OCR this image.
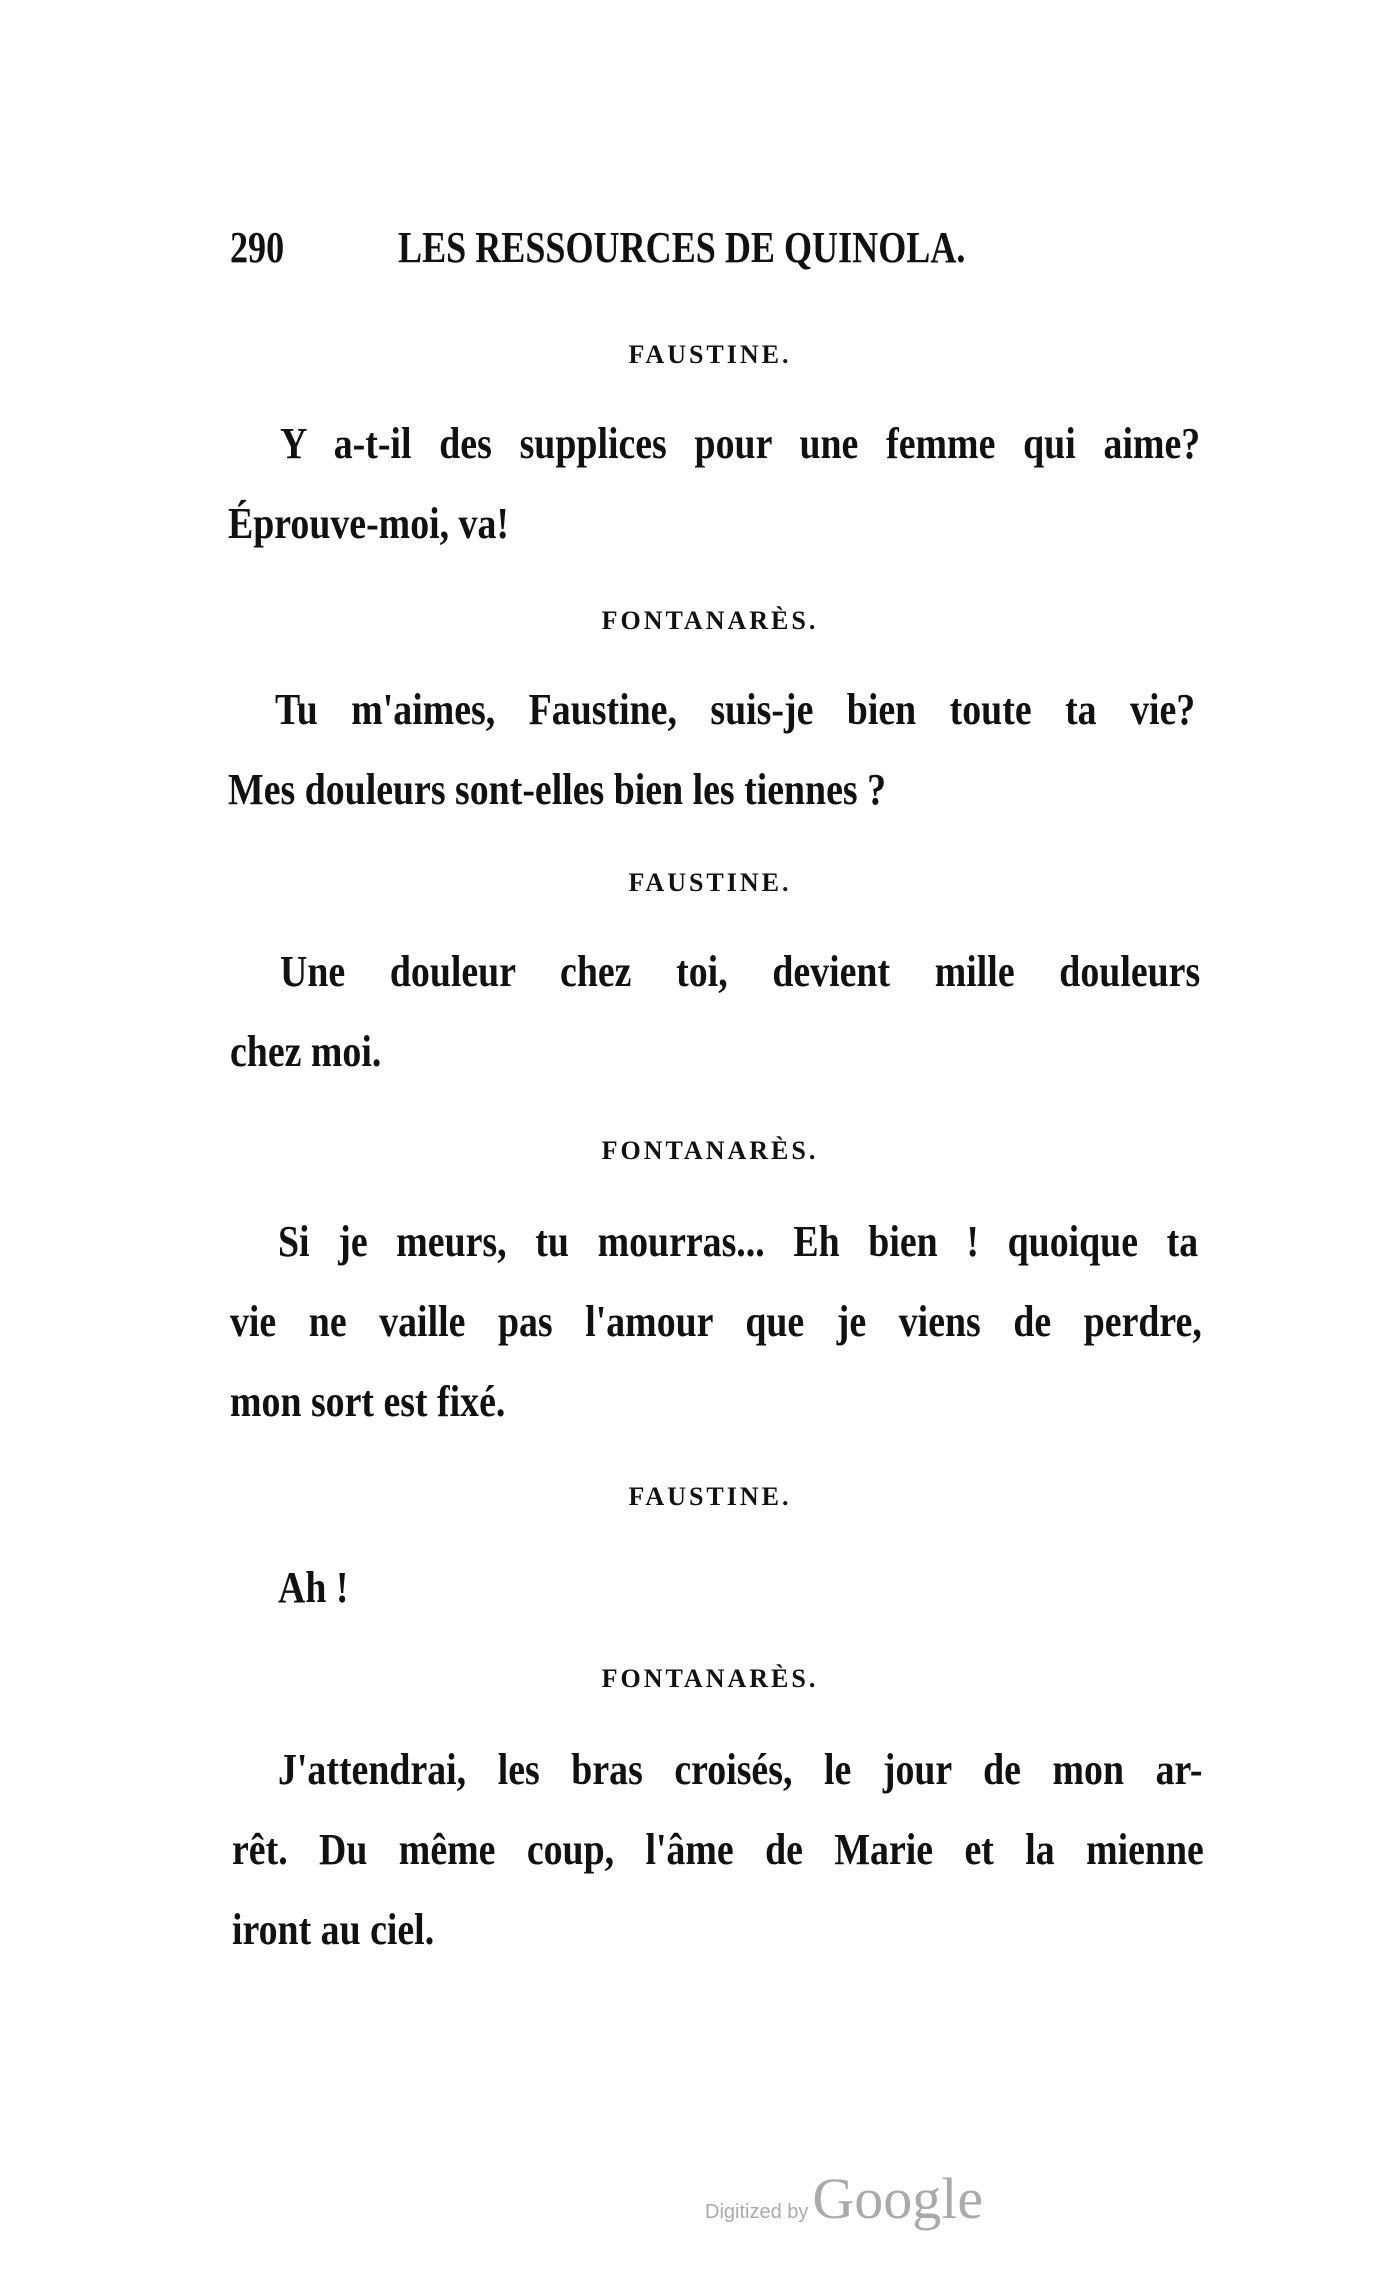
290	LES RESSOURCES DE QUINOLA.
FAUSTINE.
Y a-t-il des supplices pour une femme qui aime?
Éprouve-moi, va!
FONTANARÈS.
Tu m'aimes, Faustine, suis-je bien toute ta vie?
Mes douleurs sont-elles bien les tiennes ?
FAUSTINE.
Une douleur chez toi, devient mille douleurs
chez moi.
FONTANARÈS.
Si je meurs, tu mourras... Eh bien ! quoique ta
vie ne vaille pas l'amour que je viens de perdre,
mon sort est fixé.
FAUSTINE.
Ah !
FONTANARÈS.
J'attendrai, les bras croisés, le jour de mon ar-
rêt. Du même coup, l'âme de Marie et la mienne
iront au ciel.
Digitized by Google
